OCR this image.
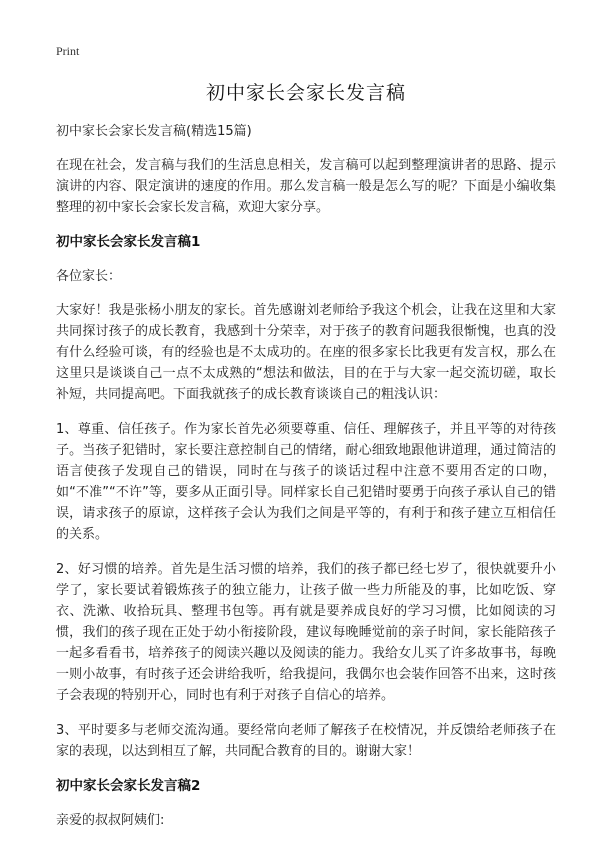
Print
初中家长会家长发言稿
初中家长会家长发言稿(精选15篇)

在现在社会，发言稿与我们的生活息息相关，发言稿可以起到整理演讲者的思路、提示演讲的内容、限定演讲的速度的作用。那么发言稿一般是怎么写的呢？下面是小编收集整理的初中家长会家长发言稿，欢迎大家分享。

初中家长会家长发言稿1

各位家长：

大家好！我是张杨小朋友的家长。首先感谢刘老师给予我这个机会，让我在这里和大家共同探讨孩子的成长教育，我感到十分荣幸，对于孩子的教育问题我很惭愧，也真的没有什么经验可谈，有的经验也是不太成功的。在座的很多家长比我更有发言权，那么在这里只是谈谈自己一点不太成熟的“想法和做法，目的在于与大家一起交流切磋，取长补短，共同提高吧。下面我就孩子的成长教育谈谈自己的粗浅认识：

1、尊重、信任孩子。作为家长首先必须要尊重、信任、理解孩子，并且平等的对待孩子。当孩子犯错时，家长要注意控制自己的情绪，耐心细致地跟他讲道理，通过简洁的语言使孩子发现自己的错误，同时在与孩子的谈话过程中注意不要用否定的口吻，如“不准”“不许”等，要多从正面引导。同样家长自己犯错时要勇于向孩子承认自己的错误，请求孩子的原谅，这样孩子会认为我们之间是平等的，有利于和孩子建立互相信任的关系。

2、好习惯的培养。首先是生活习惯的培养，我们的孩子都已经七岁了，很快就要升小学了，家长要试着锻炼孩子的独立能力，让孩子做一些力所能及的事，比如吃饭、穿衣、洗漱、收拾玩具、整理书包等。再有就是要养成良好的学习习惯，比如阅读的习惯，我们的孩子现在正处于幼小衔接阶段，建议每晚睡觉前的亲子时间，家长能陪孩子一起多看看书，培养孩子的阅读兴趣以及阅读的能力。我给女儿买了许多故事书，每晚一则小故事，有时孩子还会讲给我听，给我提问，我偶尔也会装作回答不出来，这时孩子会表现的特别开心，同时也有利于对孩子自信心的培养。

3、平时要多与老师交流沟通。要经常向老师了解孩子在校情况，并反馈给老师孩子在家的表现，以达到相互了解，共同配合教育的目的。谢谢大家！

初中家长会家长发言稿2

亲爱的叔叔阿姨们:
